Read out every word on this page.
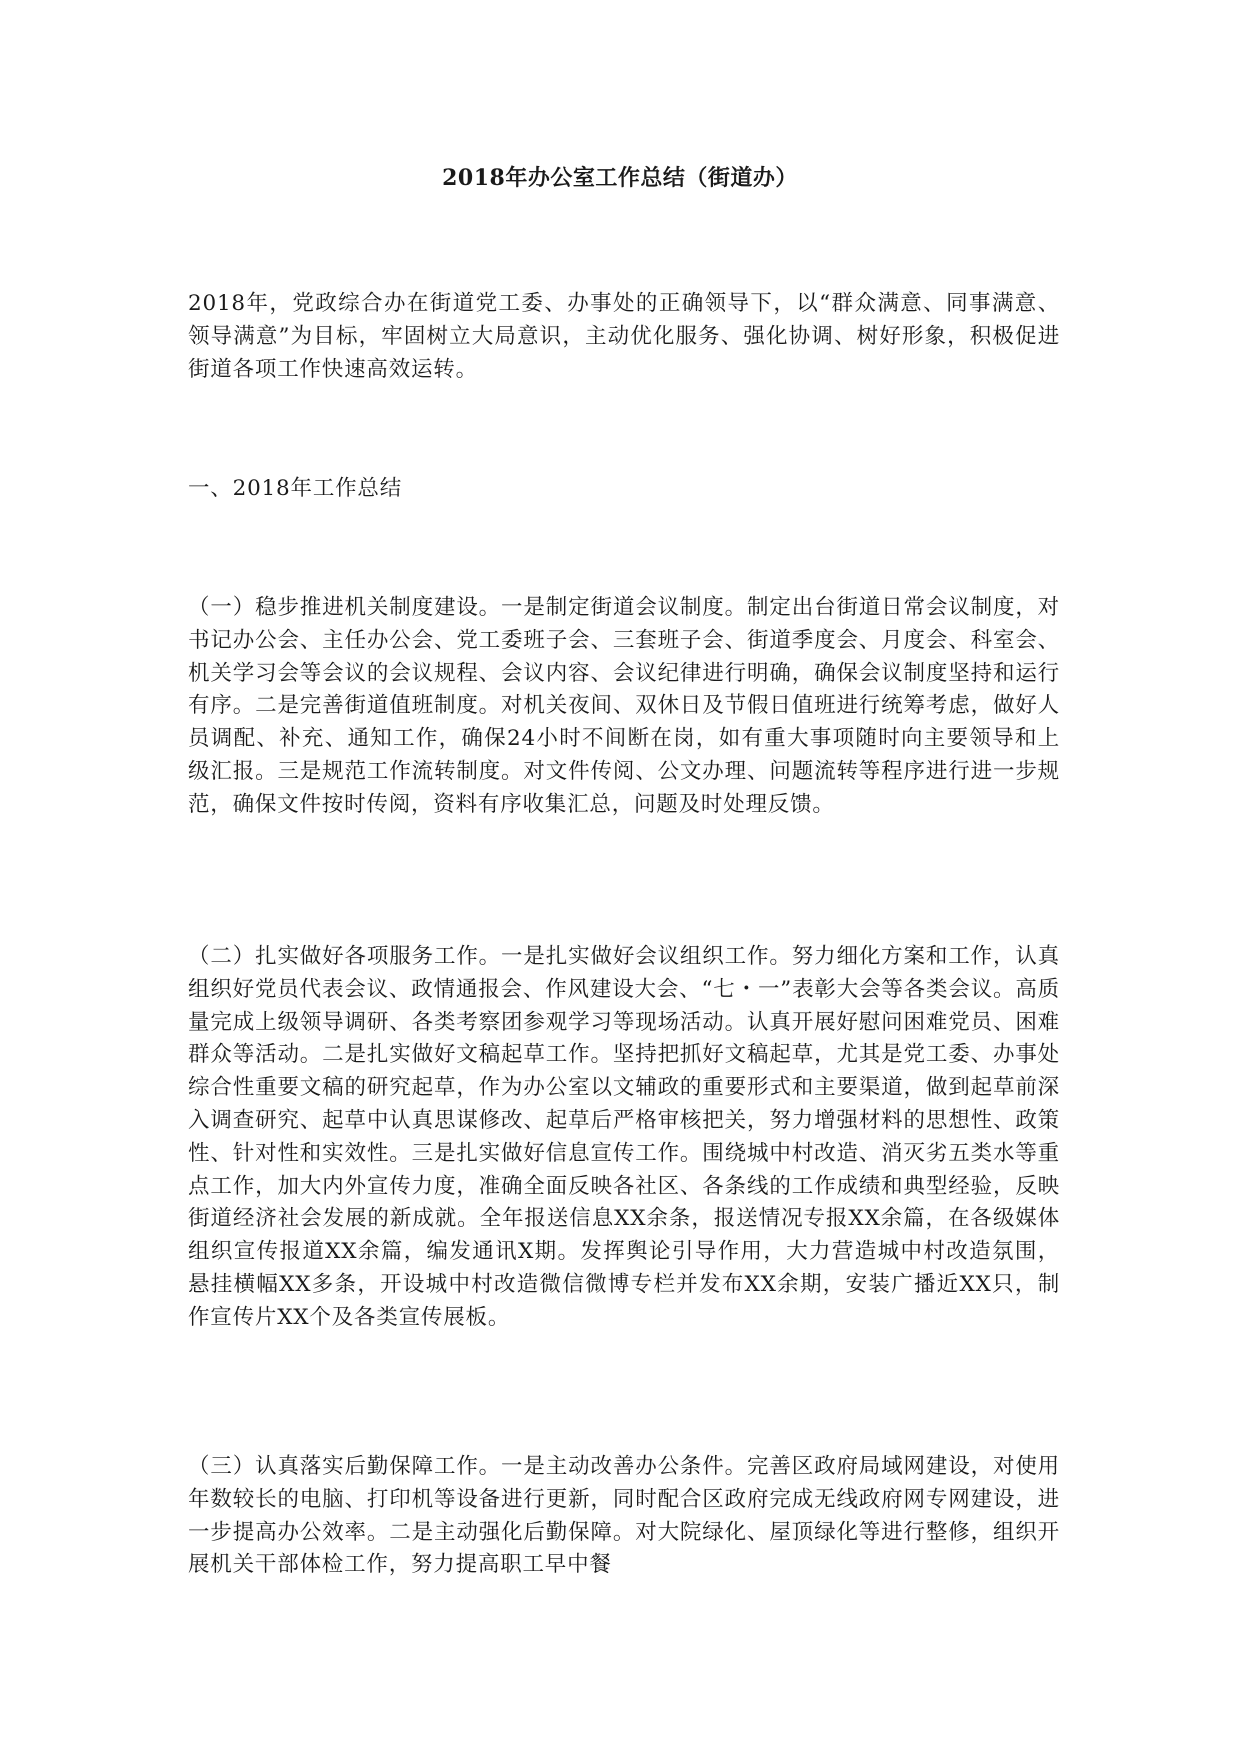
2018年办公室工作总结（街道办）

2018年，党政综合办在街道党工委、办事处的正确领导下，以“群众满意、同事满意、领导满意”为目标，牢固树立大局意识，主动优化服务、强化协调、树好形象，积极促进街道各项工作快速高效运转。

一、2018年工作总结

（一）稳步推进机关制度建设。一是制定街道会议制度。制定出台街道日常会议制度，对书记办公会、主任办公会、党工委班子会、三套班子会、街道季度会、月度会、科室会、机关学习会等会议的会议规程、会议内容、会议纪律进行明确，确保会议制度坚持和运行有序。二是完善街道值班制度。对机关夜间、双休日及节假日值班进行统筹考虑，做好人员调配、补充、通知工作，确保24小时不间断在岗，如有重大事项随时向主要领导和上级汇报。三是规范工作流转制度。对文件传阅、公文办理、问题流转等程序进行进一步规范，确保文件按时传阅，资料有序收集汇总，问题及时处理反馈。

（二）扎实做好各项服务工作。一是扎实做好会议组织工作。努力细化方案和工作，认真组织好党员代表会议、政情通报会、作风建设大会、“七・一”表彰大会等各类会议。高质量完成上级领导调研、各类考察团参观学习等现场活动。认真开展好慰问困难党员、困难群众等活动。二是扎实做好文稿起草工作。坚持把抓好文稿起草，尤其是党工委、办事处综合性重要文稿的研究起草，作为办公室以文辅政的重要形式和主要渠道，做到起草前深入调查研究、起草中认真思谋修改、起草后严格审核把关，努力增强材料的思想性、政策性、针对性和实效性。三是扎实做好信息宣传工作。围绕城中村改造、消灭劣五类水等重点工作，加大内外宣传力度，准确全面反映各社区、各条线的工作成绩和典型经验，反映街道经济社会发展的新成就。全年报送信息XX余条，报送情况专报XX余篇，在各级媒体组织宣传报道XX余篇，编发通讯X期。发挥舆论引导作用，大力营造城中村改造氛围，悬挂横幅XX多条，开设城中村改造微信微博专栏并发布XX余期，安装广播近XX只，制作宣传片XX个及各类宣传展板。

（三）认真落实后勤保障工作。一是主动改善办公条件。完善区政府局域网建设，对使用年数较长的电脑、打印机等设备进行更新，同时配合区政府完成无线政府网专网建设，进一步提高办公效率。二是主动强化后勤保障。对大院绿化、屋顶绿化等进行整修，组织开展机关干部体检工作，努力提高职工早中餐
